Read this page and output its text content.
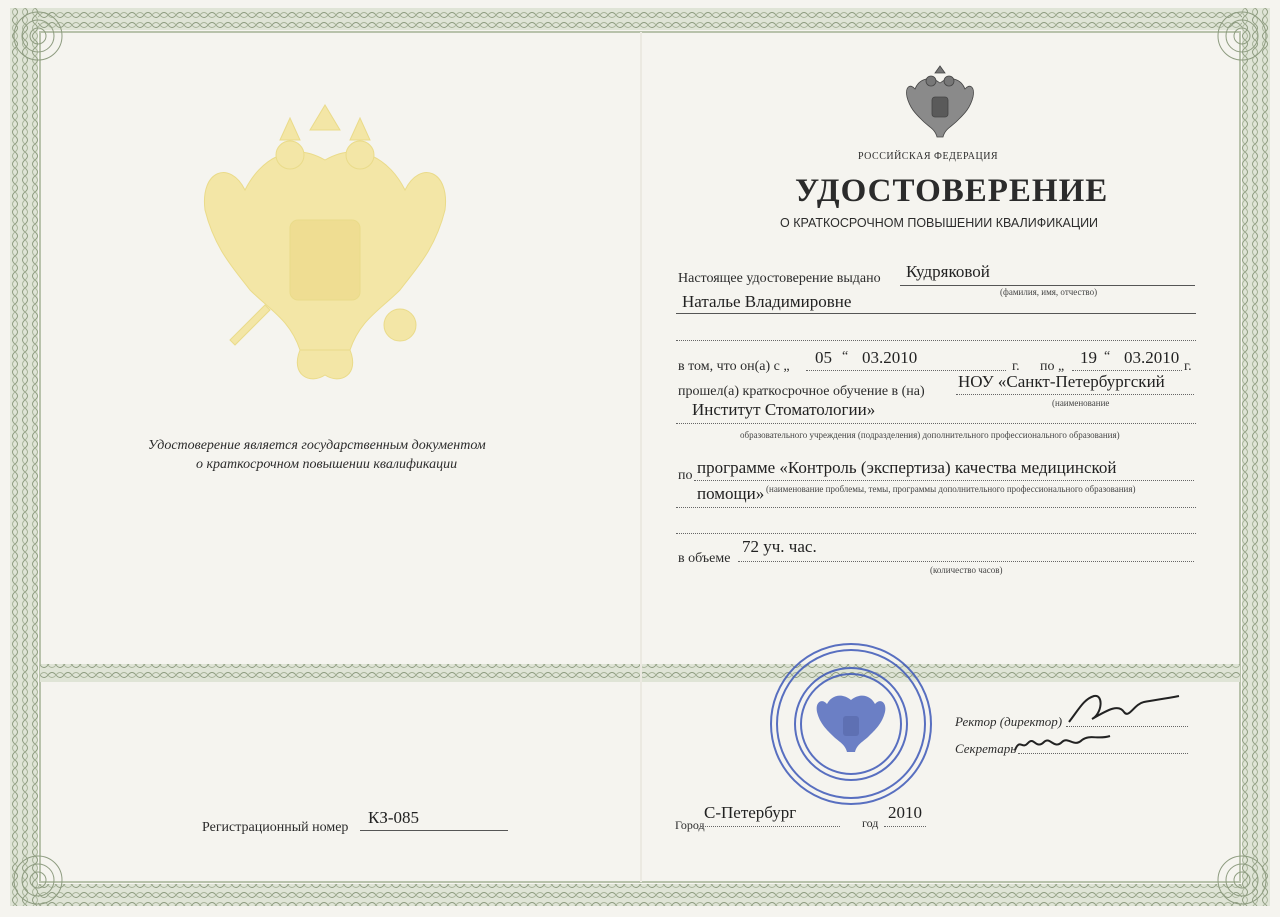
Удостоверение является государственным документом
о краткосрочном повышении квалификации
Регистрационный номер
КЗ-085
РОССИЙСКАЯ ФЕДЕРАЦИЯ
УДОСТОВЕРЕНИЕ
О КРАТКОСРОЧНОМ ПОВЫШЕНИИ КВАЛИФИКАЦИИ
Настоящее удостоверение выдано Кудряковой
(фамилия, имя, отчество)
Наталье Владимировне
в том, что он(а) с „ 05 “ 03.2010	г. по „ 19 “ 03.2010 г.
прошел(а) краткосрочное обучение в (на)
НОУ «Санкт-Петербургский
(наименование
Институт Стоматологии»
образовательного учреждения (подразделения) дополнительного профессионального образования)
по программе «Контроль (экспертиза) качества медицинской
(наименование проблемы, темы, программы дополнительного профессионального образования)
помощи»
в объеме
72 уч. час.
(количество часов)
Ректор (директор)
Секретарь
Город
С-Петербург
год
2010
